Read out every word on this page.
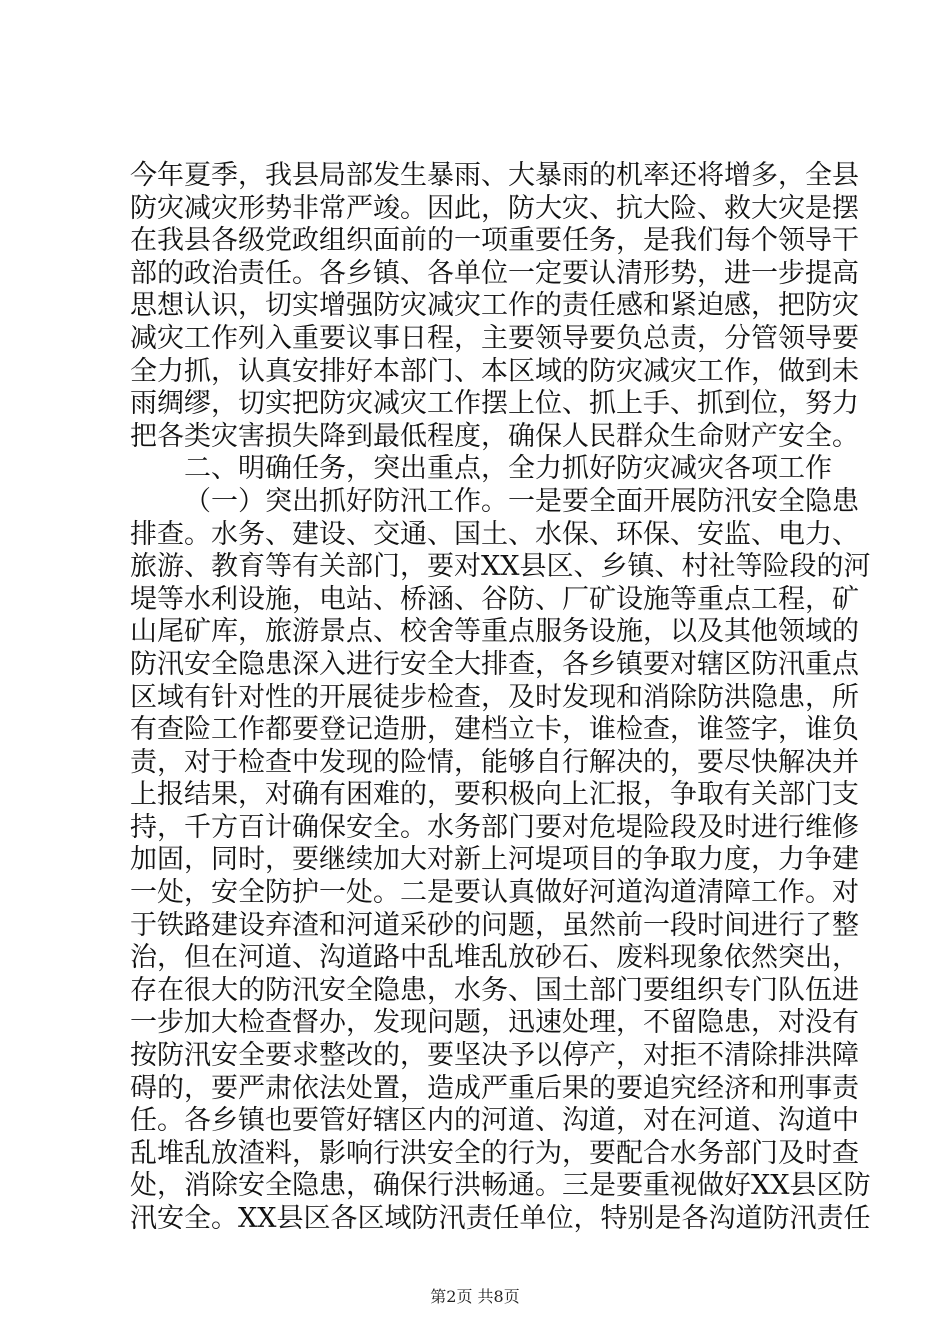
今年夏季，我县局部发生暴雨、大暴雨的机率还将增多，全县
防灾减灾形势非常严竣。因此，防大灾、抗大险、救大灾是摆
在我县各级党政组织面前的一项重要任务，是我们每个领导干
部的政治责任。各乡镇、各单位一定要认清形势，进一步提高
思想认识，切实增强防灾减灾工作的责任感和紧迫感，把防灾
减灾工作列入重要议事日程，主要领导要负总责，分管领导要
全力抓，认真安排好本部门、本区域的防灾减灾工作，做到未
雨绸缪，切实把防灾减灾工作摆上位、抓上手、抓到位，努力
把各类灾害损失降到最低程度，确保人民群众生命财产安全。
二、明确任务，突出重点，全力抓好防灾减灾各项工作
（一）突出抓好防汛工作。一是要全面开展防汛安全隐患
排查。水务、建设、交通、国土、水保、环保、安监、电力、
旅游、教育等有关部门，要对XX县区、乡镇、村社等险段的河
堤等水利设施，电站、桥涵、谷防、厂矿设施等重点工程，矿
山尾矿库，旅游景点、校舍等重点服务设施，以及其他领域的
防汛安全隐患深入进行安全大排查，各乡镇要对辖区防汛重点
区域有针对性的开展徒步检查，及时发现和消除防洪隐患，所
有查险工作都要登记造册，建档立卡，谁检查，谁签字，谁负
责，对于检查中发现的险情，能够自行解决的，要尽快解决并
上报结果，对确有困难的，要积极向上汇报，争取有关部门支
持，千方百计确保安全。水务部门要对危堤险段及时进行维修
加固，同时，要继续加大对新上河堤项目的争取力度，力争建
一处，安全防护一处。二是要认真做好河道沟道清障工作。对
于铁路建设弃渣和河道采砂的问题，虽然前一段时间进行了整
治，但在河道、沟道路中乱堆乱放砂石、废料现象依然突出，
存在很大的防汛安全隐患，水务、国土部门要组织专门队伍进
一步加大检查督办，发现问题，迅速处理，不留隐患，对没有
按防汛安全要求整改的，要坚决予以停产，对拒不清除排洪障
碍的，要严肃依法处置，造成严重后果的要追究经济和刑事责
任。各乡镇也要管好辖区内的河道、沟道，对在河道、沟道中
乱堆乱放渣料，影响行洪安全的行为，要配合水务部门及时查
处，消除安全隐患，确保行洪畅通。三是要重视做好XX县区防
汛安全。XX县区各区域防汛责任单位，特别是各沟道防汛责任
第2页 共8页
